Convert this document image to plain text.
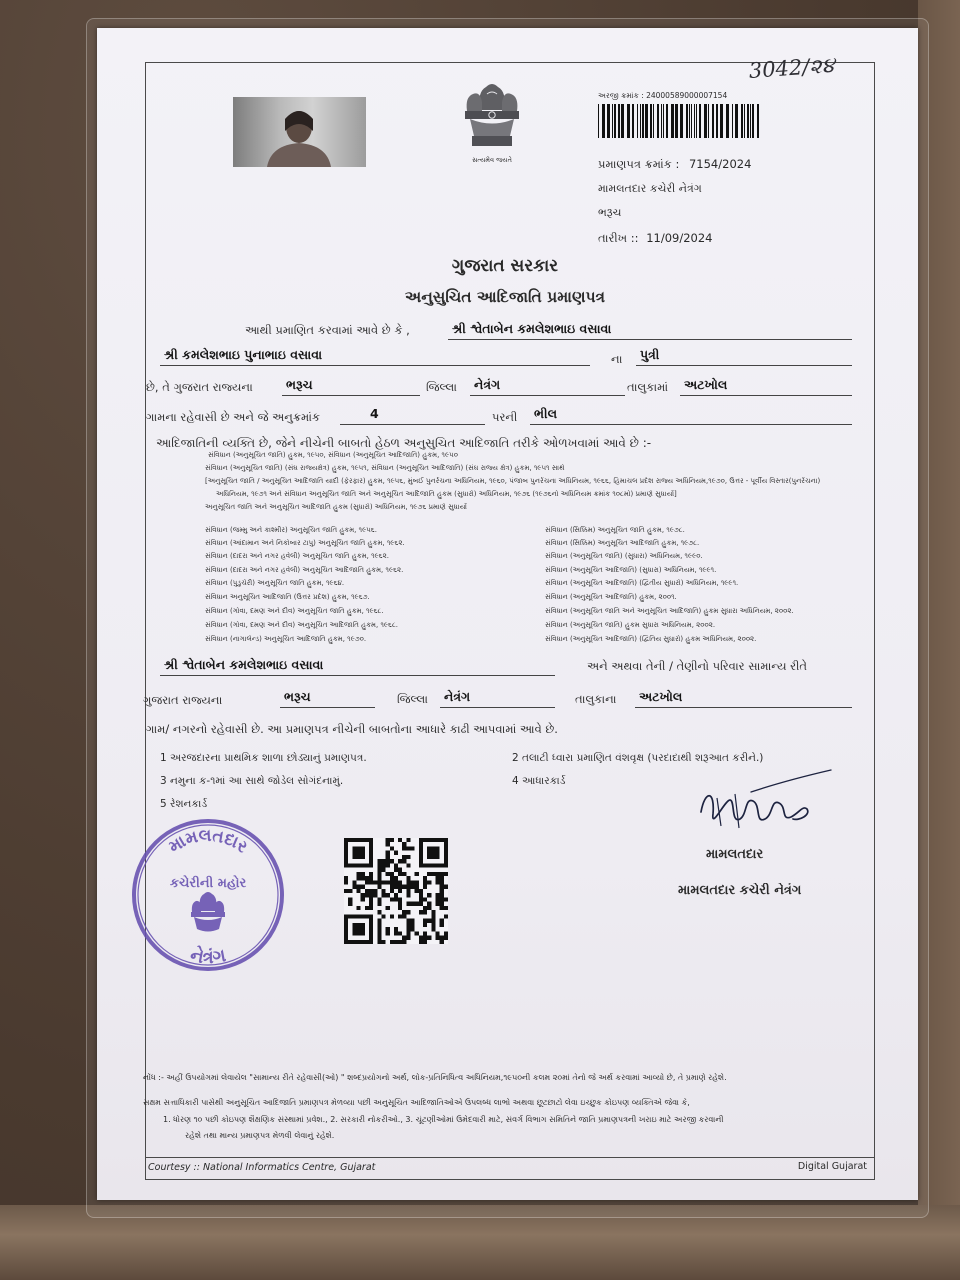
3042/૨૪
સત્યમેવ જયતે
અરજી ક્રમાંક : 24000589000007154
પ્રમાણપત્ર ક્રમાંક : 7154/2024
મામલતદાર કચેરી નેત્રંગ
ભરૂચ
તારીખ :: 11/09/2024
ગુજરાત સરકાર
અનુસુચિત આદિજાતિ પ્રમાણપત્ર
આથી પ્રમાણિત કરવામાં આવે છે કે ,	શ્રી શ્વેતાબેન કમલેશભાઇ વસાવા
શ્રી કમલેશભાઇ પુનાભાઇ વસાવા	ના	પુત્રી
છે, તે ગુજરાત રાજ્યના	ભરૂચ	જિલ્લા	નેત્રંગ	તાલુકામાં	અટખોલ
ગામના રહેવાસી છે અને જે અનુક્રમાંક	4	પરની	ભીલ
આદિજાતિની વ્યક્તિ છે, જેને નીચેની બાબતો હેઠળ અનુસુચિત આદિજાતિ તરીકે ઓળખવામાં આવે છે :-
સંવિધાન (અનુસૂચિત જાતિ) હુકમ, ૧૯૫૦, સંવિધાન (અનુસૂચિત આદિજાતિ) હુકમ, ૧૯૫૦
સંવિધાન (અનુસૂચિત જાતિ) (સંઘ રાજ્યક્ષેત્ર) હુકમ, ૧૯૫૧, સંવિધાન (અનુસૂચિત આદિજાતિ) (સંઘ રાજ્ય ક્ષેત્ર) હુકમ, ૧૯૫૧ સાથે
[અનુસૂચિત જાતિ / અનુસૂચિત આદિજાતિ યાદી (ફેરફાર) હુકમ, ૧૯૫૬, મુંબઈ પુનર્રચના અધિનિયમ, ૧૯૬૦, પંજાબ પુનર્રચના અધિનિયમ, ૧૯૬૬, હિમાચલ પ્રદેશ રાજ્ય અધિનિયમ,૧૯૭૦, ઉત્તર - પૂર્વીય વિસ્તાર(પુનર્રચના)
અધિનિયમ, ૧૯૭૧ અને સંવિધાન અનુસૂચિત જાતિ અને અનુસૂચિત આદિજાતિ હુકમ (સુધારો) અધિનિયમ, ૧૯૭૬ (૧૯૭૬નો અધિનિયમ ક્રમાંક ૧૦૮મો) પ્રમાણે સુધાર્યા]
અનુસૂચિત જાતિ અને અનુસૂચિત આદિજાતિ હુકમ (સુધારો) અધિનિયમ, ૧૯૭૬ પ્રમાણે સુધાર્યો
સંવિધાન (જમ્મુ અને કાશ્મીર) અનુસૂચિત જાતિ હુકમ, ૧૯૫૬.
સંવિધાન (આંદામાન અને નિકોબાર ટાપુ) અનુસૂચિત જાતિ હુકમ, ૧૯૬૨.
સંવિધાન (દાદરા અને નગર હવેલી) અનુસૂચિત જાતિ હુકમ, ૧૯૬૨.
સંવિધાન (દાદરા અને નગર હવેલી) અનુસૂચિત આદિજાતિ હુકમ, ૧૯૬૨.
સંવિધાન (પુડુચેરી) અનુસૂચિત જાતિ હુકમ, ૧૯૬૪.
સંવિધાન અનુસૂચિત આદિજાતિ (ઉત્તર પ્રદેશ) હુકમ, ૧૯૬૭.
સંવિધાન (ગોવા, દમણ અને દીવ) અનુસૂચિત જાતિ હુકમ, ૧૯૬૮.
સંવિધાન (ગોવા, દમણ અને દીવ) અનુસૂચિત આદિજાતિ હુકમ, ૧૯૬૮.
સંવિધાન (નાગાલેન્ડ) અનુસૂચિત આદિજાતિ હુકમ, ૧૯૭૦.
સંવિધાન (સિક્કિમ) અનુસૂચિત જાતિ હુકમ, ૧૯૭૮.
સંવિધાન (સિક્કિમ) અનુસૂચિત આદિજાતિ હુકમ, ૧૯૭૮.
સંવિધાન (અનુસૂચિત જાતિ) (સુધારા) અધિનિયમ, ૧૯૯૦.
સંવિધાન (અનુસૂચિત આદિજાતિ) (સુધારા) અધિનિયમ, ૧૯૯૧.
સંવિધાન (અનુસૂચિત આદિજાતિ) (દ્વિતીય સુધારો) અધિનિયમ, ૧૯૯૧.
સંવિધાન (અનુસૂચિત આદિજાતિ) હુકમ, ૨૦૦૧.
સંવિધાન (અનુસૂચિત જાતિ અને અનુસૂચિત આદિજાતિ) હુકમ સુધારા અધિનિયમ, ૨૦૦૨.
સંવિધાન (અનુસૂચિત જાતિ) હુકમ સુધારા અધિનિયમ, ૨૦૦૨.
સંવિધાન (અનુસૂચિત આદિજાતિ) (દ્વિતિય સુધારો) હુકમ અધિનિયમ, ૨૦૦૨.
શ્રી શ્વેતાબેન કમલેશભાઇ વસાવા	અને અથવા તેની / તેણીનો પરિવાર સામાન્ય રીતે
ગુજરાત રાજ્યના	ભરૂચ	જિલ્લા	નેત્રંગ	તાલુકાના	અટખોલ
ગામ/ નગરનો રહેવાસી છે. આ પ્રમાણપત્ર નીચેની બાબતોના આધારે કાઢી આપવામાં આવે છે.
1 અરજદારના પ્રાથમિક શાળા છોડ્યાનું પ્રમાણપત્ર.	2 તલાટી ધ્વારા પ્રમાણિત વંશવૃક્ષ (પરદાદાથી શરૂઆત કરીને.)
3 નમુના ક-૧માં આ સાથે જોડેલ સોગંદનામું.	4 આધારકાર્ડ
5 રેશનકાર્ડ
મામલતદાર
કચેરીની મહોર
નેત્રંગ
મામલતદાર
મામલતદાર કચેરી નેત્રંગ
નોંધ :- અહીં ઉપયોગમાં લેવાયેલ "સામાન્ય રીતે રહેવાસી(ઓ) " શબ્દપ્રયોગનો અર્થ, લોક-પ્રતિનિધિત્વ અધિનિયમ,૧૯૫૦ની કલમ ૨૦માં તેનો જે અર્થ કરવામાં આવ્યો છે, તે પ્રમાણે રહેશે.
સક્ષમ સત્તાધિકારી પાસેથી અનુસૂચિત આદિજાતિ પ્રમાણપત્ર મેળવ્યા પછી અનુસૂચિત આદિજાતિઓએ ઉપલબ્ધ લાભો અથવા છૂટછાટો લેવા ઇચ્છુક કોઇપણ વ્યક્તિએ જેવા કે,
1. ધોરણ ૧૦ પછી કોઇપણ શૈક્ષણિક સંસ્થામાં પ્રવેશ., 2. સરકારી નોકરીઓ., 3. ચૂંટણીઓમાં ઉમેદવારી માટે, સંવર્ગ વિભાગ સમિતિને જાતિ પ્રમાણપત્રની ખરાઇ માટે અરજી કરવાની
રહેશે તથા માન્ય પ્રમાણપત્ર મેળવી લેવાનું રહેશે.
Courtesy :: National Informatics Centre, Gujarat	Digital Gujarat
